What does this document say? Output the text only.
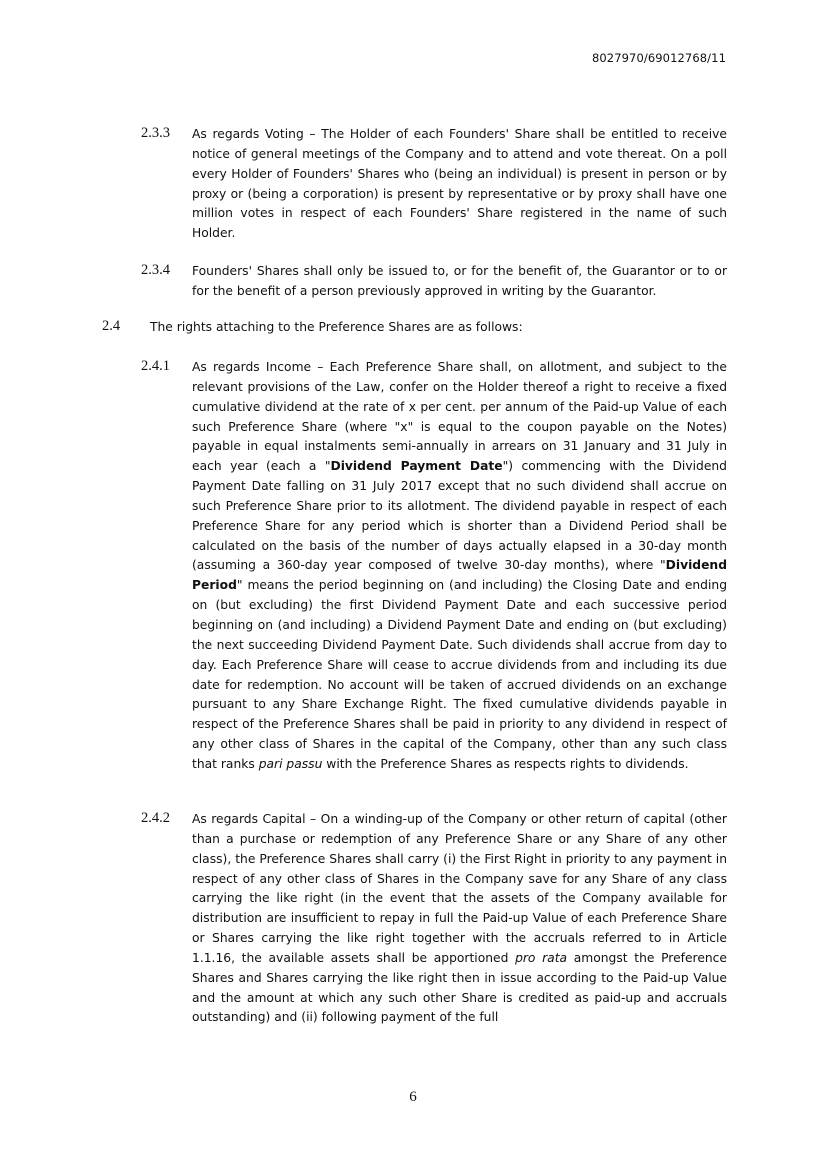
8027970/69012768/11
2.3.3 As regards Voting – The Holder of each Founders' Share shall be entitled to receive notice of general meetings of the Company and to attend and vote thereat. On a poll every Holder of Founders' Shares who (being an individual) is present in person or by proxy or (being a corporation) is present by representative or by proxy shall have one million votes in respect of each Founders' Share registered in the name of such Holder.
2.3.4 Founders' Shares shall only be issued to, or for the benefit of, the Guarantor or to or for the benefit of a person previously approved in writing by the Guarantor.
2.4 The rights attaching to the Preference Shares are as follows:
2.4.1 As regards Income – Each Preference Share shall, on allotment, and subject to the relevant provisions of the Law, confer on the Holder thereof a right to receive a fixed cumulative dividend at the rate of x per cent. per annum of the Paid-up Value of each such Preference Share (where "x" is equal to the coupon payable on the Notes) payable in equal instalments semi-annually in arrears on 31 January and 31 July in each year (each a "Dividend Payment Date") commencing with the Dividend Payment Date falling on 31 July 2017 except that no such dividend shall accrue on such Preference Share prior to its allotment. The dividend payable in respect of each Preference Share for any period which is shorter than a Dividend Period shall be calculated on the basis of the number of days actually elapsed in a 30-day month (assuming a 360-day year composed of twelve 30-day months), where "Dividend Period" means the period beginning on (and including) the Closing Date and ending on (but excluding) the first Dividend Payment Date and each successive period beginning on (and including) a Dividend Payment Date and ending on (but excluding) the next succeeding Dividend Payment Date. Such dividends shall accrue from day to day. Each Preference Share will cease to accrue dividends from and including its due date for redemption. No account will be taken of accrued dividends on an exchange pursuant to any Share Exchange Right. The fixed cumulative dividends payable in respect of the Preference Shares shall be paid in priority to any dividend in respect of any other class of Shares in the capital of the Company, other than any such class that ranks pari passu with the Preference Shares as respects rights to dividends.
2.4.2 As regards Capital – On a winding-up of the Company or other return of capital (other than a purchase or redemption of any Preference Share or any Share of any other class), the Preference Shares shall carry (i) the First Right in priority to any payment in respect of any other class of Shares in the Company save for any Share of any class carrying the like right (in the event that the assets of the Company available for distribution are insufficient to repay in full the Paid-up Value of each Preference Share or Shares carrying the like right together with the accruals referred to in Article 1.1.16, the available assets shall be apportioned pro rata amongst the Preference Shares and Shares carrying the like right then in issue according to the Paid-up Value and the amount at which any such other Share is credited as paid-up and accruals outstanding) and (ii) following payment of the full
6
